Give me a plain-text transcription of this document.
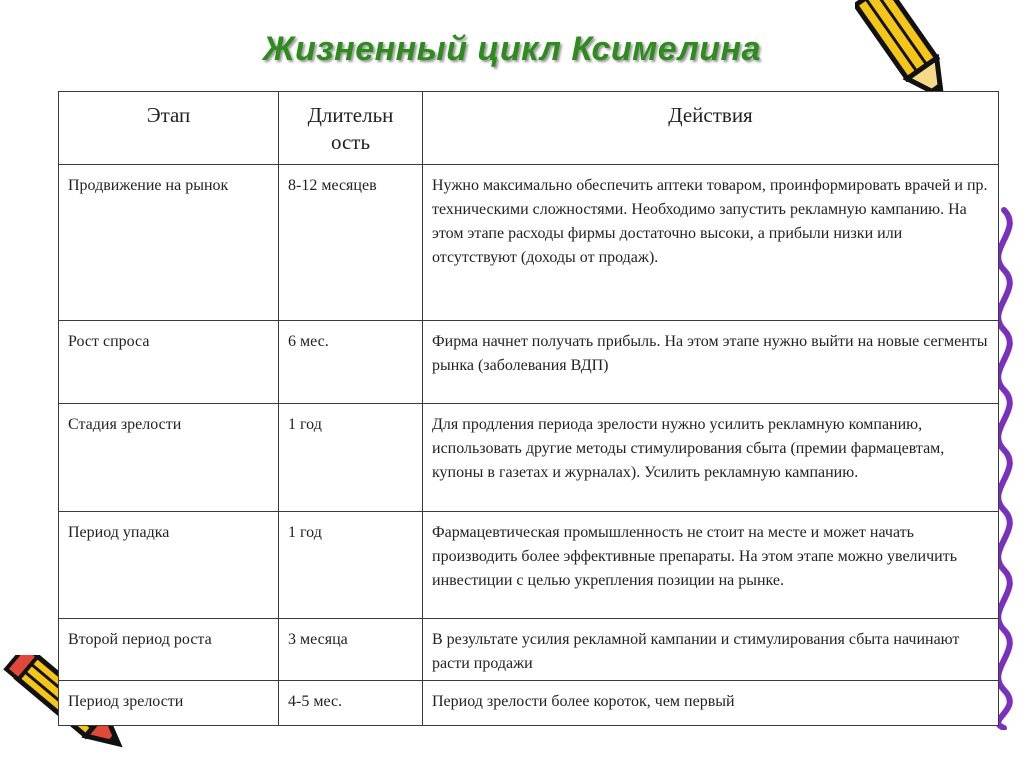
Жизненный цикл Ксимелина
Этап	Длительн ость	Действия
Продвижение на рынок	8-12 месяцев	Нужно максимально обеспечить аптеки товаром, проинформировать врачей и пр. техническими сложностями. Необходимо запустить рекламную кампанию. На этом этапе расходы фирмы достаточно высоки, а прибыли низки или отсутствуют (доходы от продаж).
Рост спроса	6 мес.	Фирма начнет получать прибыль. На этом этапе нужно выйти на новые сегменты рынка (заболевания ВДП)
Стадия зрелости	1 год	Для продления периода зрелости нужно усилить рекламную компанию, использовать другие методы стимулирования сбыта (премии фармацевтам, купоны в газетах и журналах). Усилить рекламную кампанию.
Период упадка	1 год	Фармацевтическая промышленность не стоит на месте и может начать производить более эффективные препараты. На этом этапе можно увеличить инвестиции с целью укрепления позиции на рынке.
Второй период роста	3 месяца	В результате усилия рекламной кампании и стимулирования сбыта начинают расти продажи
Период зрелости	4-5 мес.	Период зрелости более короток, чем первый
